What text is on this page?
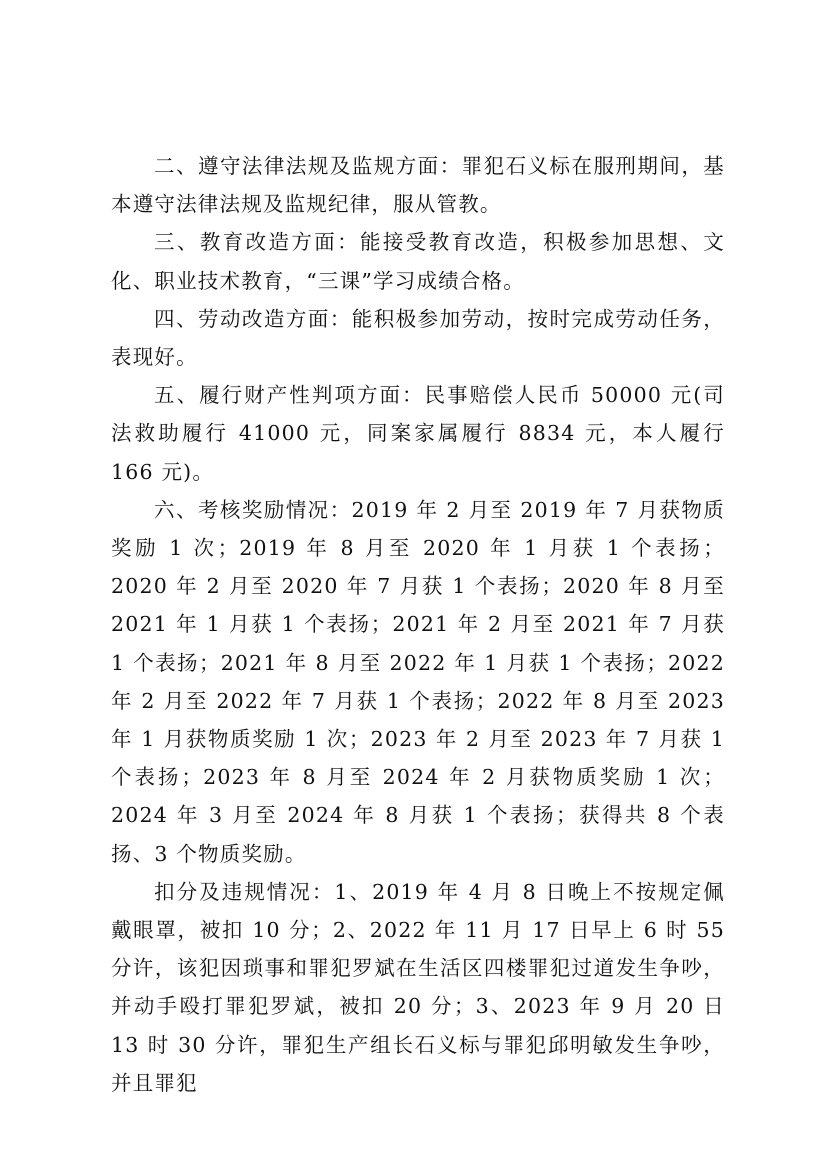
二、遵守法律法规及监规方面：罪犯石义标在服刑期间，基本遵守法律法规及监规纪律，服从管教。

三、教育改造方面：能接受教育改造，积极参加思想、文化、职业技术教育，“三课”学习成绩合格。

四、劳动改造方面：能积极参加劳动，按时完成劳动任务，表现好。

五、履行财产性判项方面：民事赔偿人民币 50000 元(司法救助履行 41000 元，同案家属履行 8834 元，本人履行 166 元)。

六、考核奖励情况：2019 年 2 月至 2019 年 7 月获物质奖励 1 次；2019 年 8 月至 2020 年 1 月获 1 个表扬；2020 年 2 月至 2020 年 7 月获 1 个表扬；2020 年 8 月至 2021 年 1 月获 1 个表扬；2021 年 2 月至 2021 年 7 月获 1 个表扬；2021 年 8 月至 2022 年 1 月获 1 个表扬；2022 年 2 月至 2022 年 7 月获 1 个表扬；2022 年 8 月至 2023 年 1 月获物质奖励 1 次；2023 年 2 月至 2023 年 7 月获 1 个表扬；2023 年 8 月至 2024 年 2 月获物质奖励 1 次；2024 年 3 月至 2024 年 8 月获 1 个表扬；获得共 8 个表扬、3 个物质奖励。

扣分及违规情况：1、2019 年 4 月 8 日晚上不按规定佩戴眼罩，被扣 10 分；2、2022 年 11 月 17 日早上 6 时 55 分许，该犯因琐事和罪犯罗斌在生活区四楼罪犯过道发生争吵，并动手殴打罪犯罗斌，被扣 20 分；3、2023 年 9 月 20 日 13 时 30 分许，罪犯生产组长石义标与罪犯邱明敏发生争吵，并且罪犯
